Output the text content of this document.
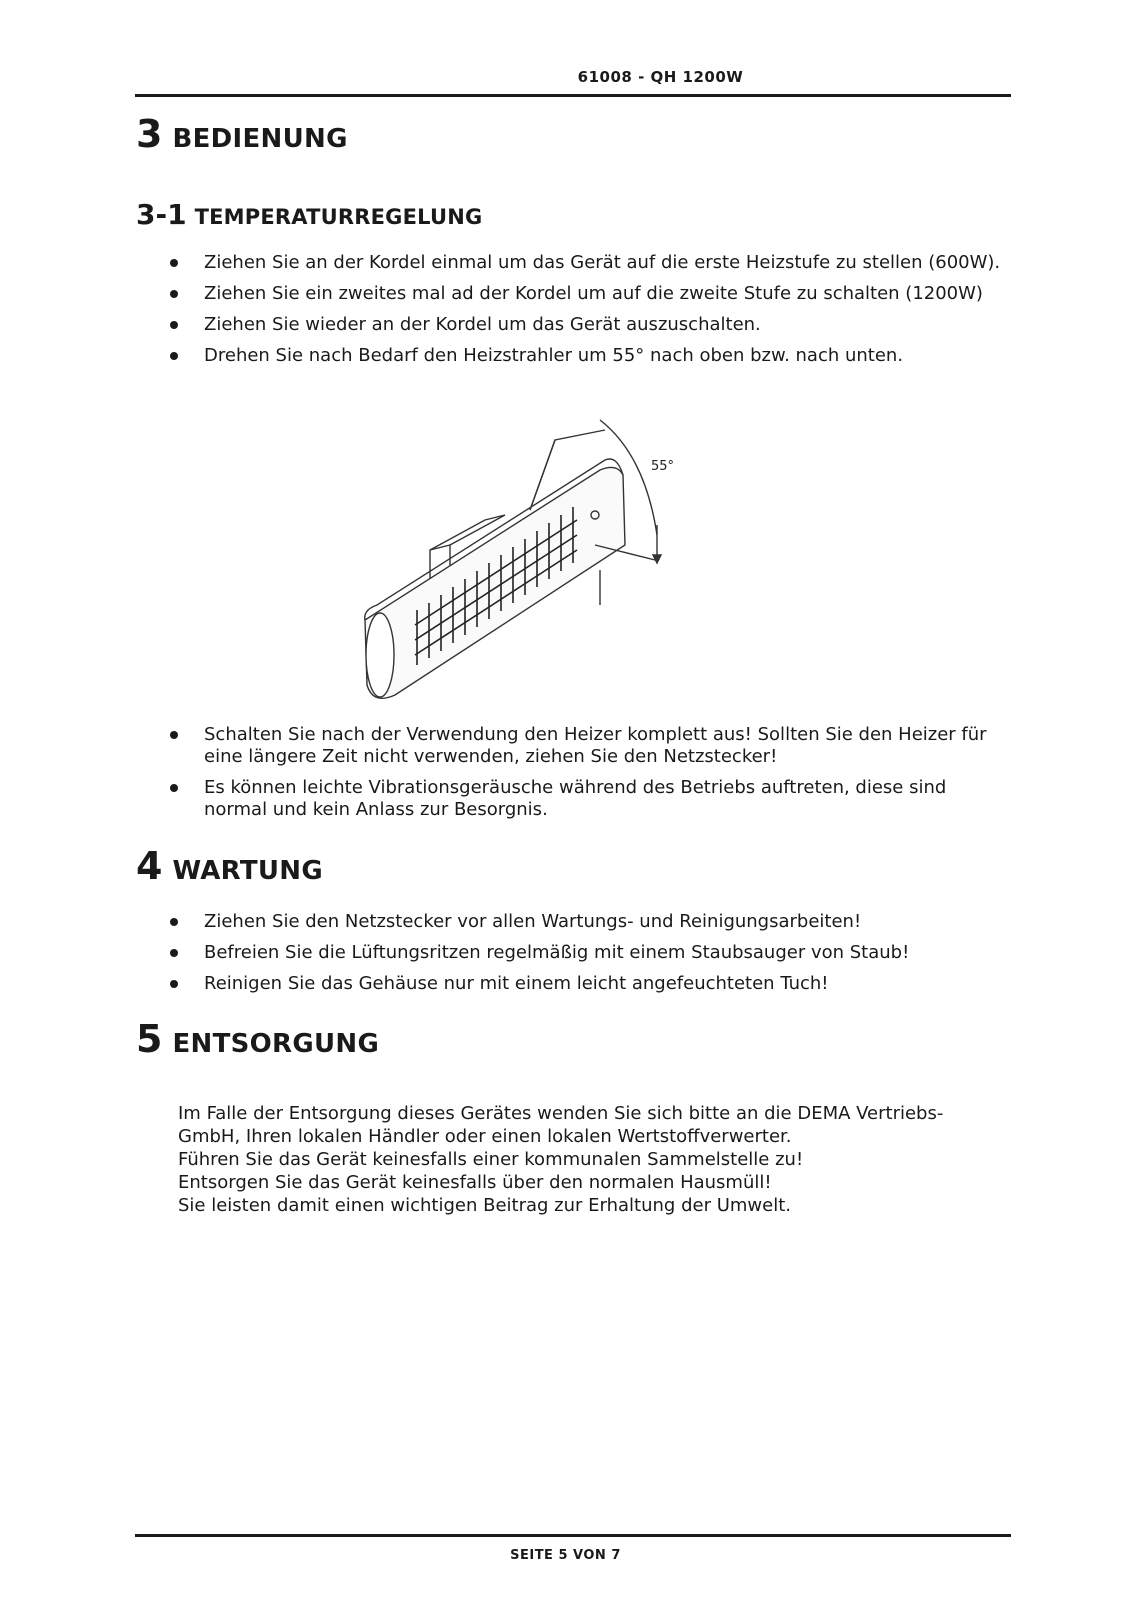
61008 - QH 1200W
3 BEDIENUNG
3-1 TEMPERATURREGELUNG
Ziehen Sie an der Kordel einmal um das Gerät auf die erste Heizstufe zu stellen (600W).
Ziehen Sie ein zweites mal ad der Kordel um auf die zweite Stufe zu schalten (1200W)
Ziehen Sie wieder an der Kordel um das Gerät auszuschalten.
Drehen Sie nach Bedarf den Heizstrahler um 55° nach oben bzw. nach unten.
55°
Schalten Sie nach der Verwendung den Heizer komplett aus! Sollten Sie den Heizer für eine längere Zeit nicht verwenden, ziehen Sie den Netzstecker!
Es können leichte Vibrationsgeräusche während des Betriebs auftreten, diese sind normal und kein Anlass zur Besorgnis.
4 WARTUNG
Ziehen Sie den Netzstecker vor allen Wartungs- und Reinigungsarbeiten!
Befreien Sie die Lüftungsritzen regelmäßig mit einem Staubsauger von Staub!
Reinigen Sie das Gehäuse nur mit einem leicht angefeuchteten Tuch!
5 ENTSORGUNG
Im Falle der Entsorgung dieses Gerätes wenden Sie sich bitte an die DEMA Vertriebs-
GmbH, Ihren lokalen Händler oder einen lokalen Wertstoffverwerter.
Führen Sie das Gerät keinesfalls einer kommunalen Sammelstelle zu!
Entsorgen Sie das Gerät keinesfalls über den normalen Hausmüll!
Sie leisten damit einen wichtigen Beitrag zur Erhaltung der Umwelt.
SEITE 5 VON 7
